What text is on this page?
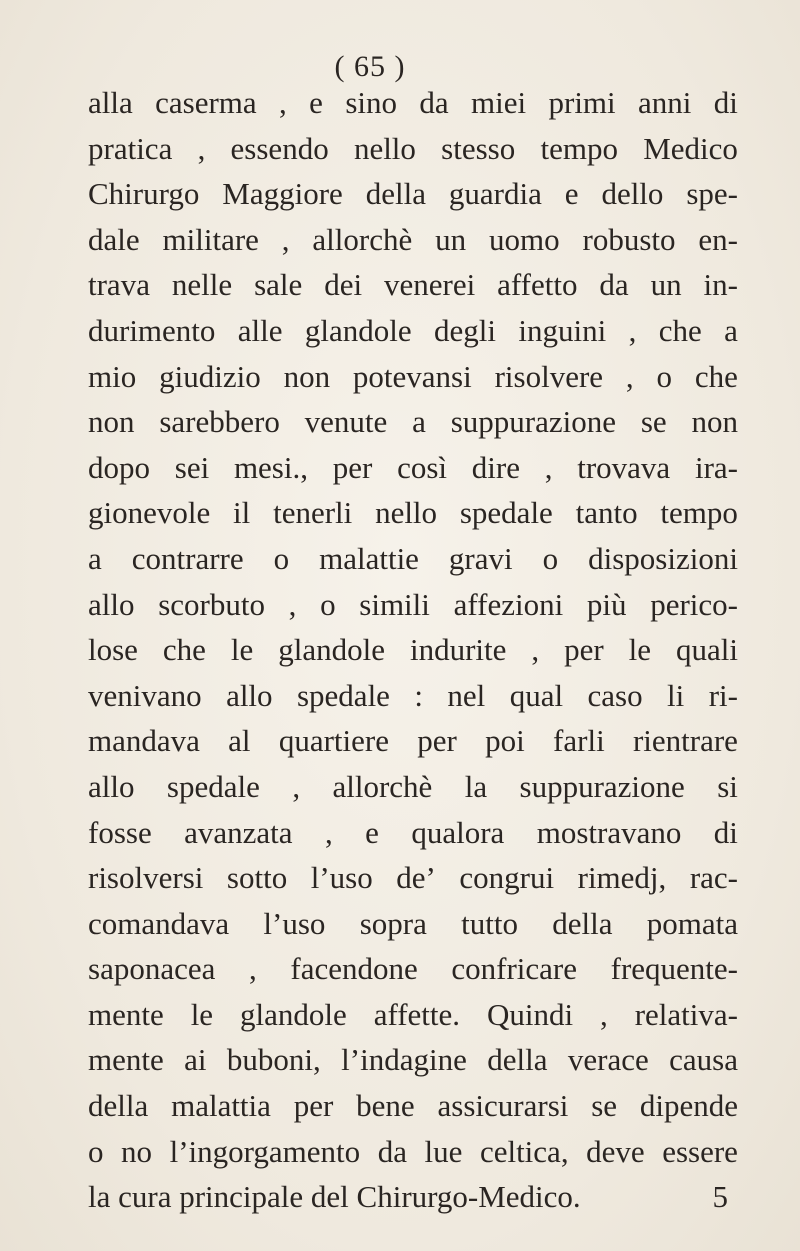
( 65 )
alla caserma , e sino da miei primi anni di
pratica , essendo nello stesso tempo Medico
Chirurgo Maggiore della guardia e dello spe-
dale militare , allorchè un uomo robusto en-
trava nelle sale dei venerei affetto da un in-
durimento alle glandole degli inguini , che a
mio giudizio non potevansi risolvere , o che
non sarebbero venute a suppurazione se non
dopo sei mesi., per così dire , trovava ira-
gionevole il tenerli nello spedale tanto tempo
a contrarre o malattie gravi o disposizioni
allo scorbuto , o simili affezioni più perico-
lose che le glandole indurite , per le quali
venivano allo spedale : nel qual caso li ri-
mandava al quartiere per poi farli rientrare
allo spedale , allorchè la suppurazione si
fosse avanzata , e qualora mostravano di
risolversi sotto l’uso de’ congrui rimedj, rac-
comandava l’uso sopra tutto della pomata
saponacea , facendone confricare frequente-
mente le glandole affette. Quindi , relativa-
mente ai buboni, l’indagine della verace causa
della malattia per bene assicurarsi se dipende
o no l’ingorgamento da lue celtica, deve essere
la cura principale del Chirurgo-Medico.	5
